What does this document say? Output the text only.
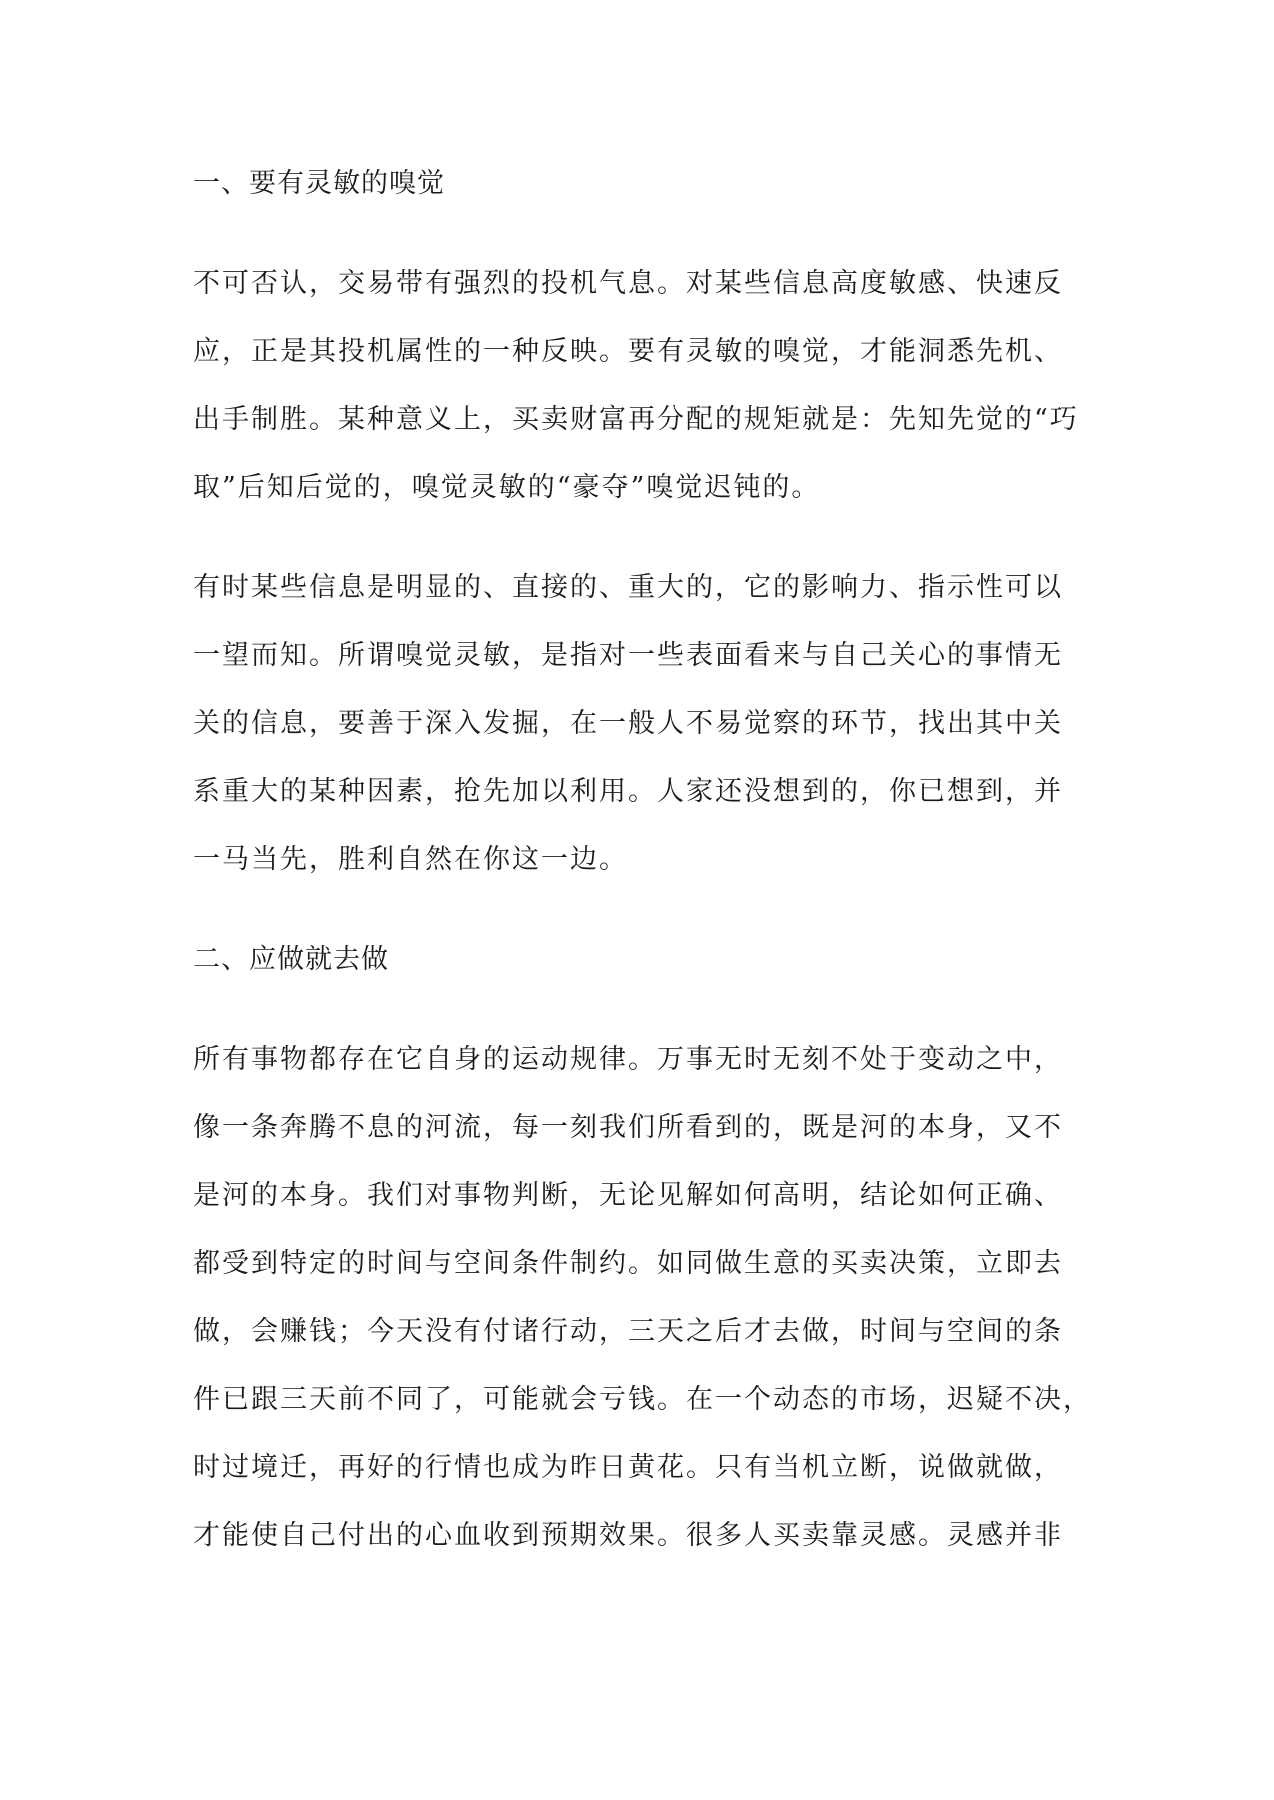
一、要有灵敏的嗅觉
不可否认，交易带有强烈的投机气息。对某些信息高度敏感、快速反
应，正是其投机属性的一种反映。要有灵敏的嗅觉，才能洞悉先机、
出手制胜。某种意义上，买卖财富再分配的规矩就是：先知先觉的“巧
取”后知后觉的，嗅觉灵敏的“豪夺”嗅觉迟钝的。
有时某些信息是明显的、直接的、重大的，它的影响力、指示性可以
一望而知。所谓嗅觉灵敏，是指对一些表面看来与自己关心的事情无
关的信息，要善于深入发掘，在一般人不易觉察的环节，找出其中关
系重大的某种因素，抢先加以利用。人家还没想到的，你已想到，并
一马当先，胜利自然在你这一边。
二、应做就去做
所有事物都存在它自身的运动规律。万事无时无刻不处于变动之中，
像一条奔腾不息的河流，每一刻我们所看到的，既是河的本身，又不
是河的本身。我们对事物判断，无论见解如何高明，结论如何正确、
都受到特定的时间与空间条件制约。如同做生意的买卖决策，立即去
做，会赚钱；今天没有付诸行动，三天之后才去做，时间与空间的条
件已跟三天前不同了，可能就会亏钱。在一个动态的市场，迟疑不决，
时过境迁，再好的行情也成为昨日黄花。只有当机立断，说做就做，
才能使自己付出的心血收到预期效果。很多人买卖靠灵感。灵感并非
